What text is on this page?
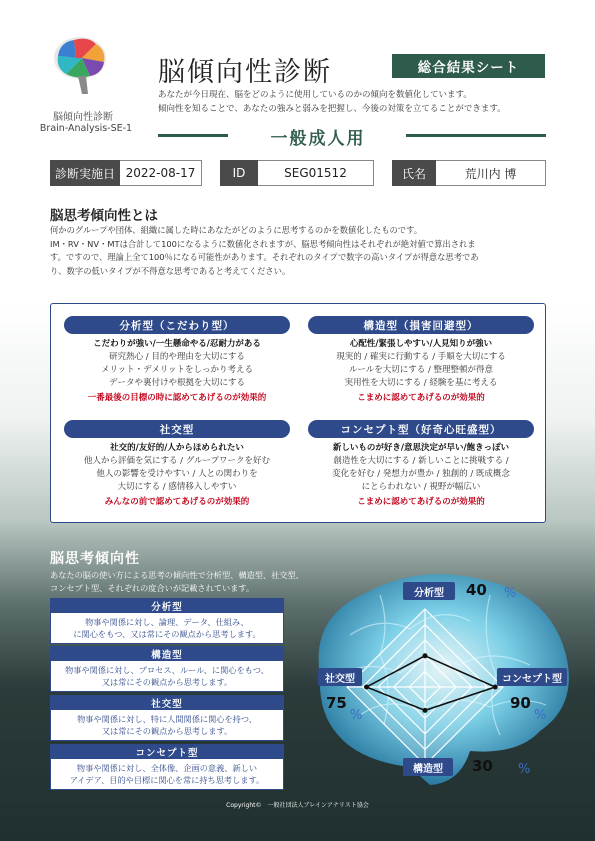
脳傾向性診断
Brain-Analysis-SE-1
脳傾向性診断	総合結果シート
あなたが今日現在、脳をどのように使用しているのかの傾向を数値化しています。
傾向性を知ることで、あなたの強みと弱みを把握し、今後の対策を立てることができます。
一般成人用
診断実施日 2022-08-17	ID	SEG01512	氏名	荒川内 博
脳思考傾向性とは
何かのグループや団体、組織に属した時にあなたがどのように思考するのかを数値化したものです。
IM・RV・NV・MTは合計して100になるように数値化されますが、脳思考傾向性はそれぞれが絶対値で算出されま
す。ですので、理論上全て100％になる可能性があります。それぞれのタイプで数字の高いタイプが得意な思考であ
り、数字の低いタイプが不得意な思考であると考えてください。
分析型（こだわり型）
こだわりが強い/一生懸命やる/忍耐力がある
研究熱心 / 目的や理由を大切にする
メリット・デメリットをしっかり考える
データや裏付けや根拠を大切にする
一番最後の目標の時に認めてあげるのが効果的
構造型（損害回避型）
心配性/緊張しやすい/人見知りが強い
現実的 / 確実に行動する / 手順を大切にする
ルールを大切にする / 整理整頓が得意
実用性を大切にする / 経験を基に考える
こまめに認めてあげるのが効果的
社交型
社交的/友好的/人からほめられたい
他人から評価を気にする / グループワークを好む
他人の影響を受けやすい / 人との関わりを
大切にする / 感情移入しやすい
みんなの前で認めてあげるのが効果的
コンセプト型（好奇心旺盛型）
新しいものが好き/意思決定が早い/飽きっぽい
創造性を大切にする / 新しいことに挑戦する /
変化を好む / 発想力が豊か / 独創的 / 既成概念
にとらわれない / 視野が幅広い
こまめに認めてあげるのが効果的
分析型	40 %
コンセプト型
90
%
社交型
75
%
構造型	30 %
脳思考傾向性
あなたの脳の使い方による思考の傾向性で分析型、構造型、社交型、
コンセプト型、それぞれの度合いが記載されています。
分析型
物事や関係に対し、論理、データ、仕組み、
に関心をもつ、又は常にその観点から思考します。
構造型
物事や関係に対し、プロセス、ルール、に関心をもつ、
又は常にその観点から思考します。
社交型
物事や関係に対し、特に人間関係に関心を持つ、
又は常にその観点から思考します。
コンセプト型
物事や関係に対し、全体像、企画の意義、新しい
アイデア、目的や目標に関心を常に持ち思考します。
Copyright©　一般社団法人ブレインアナリスト協会
